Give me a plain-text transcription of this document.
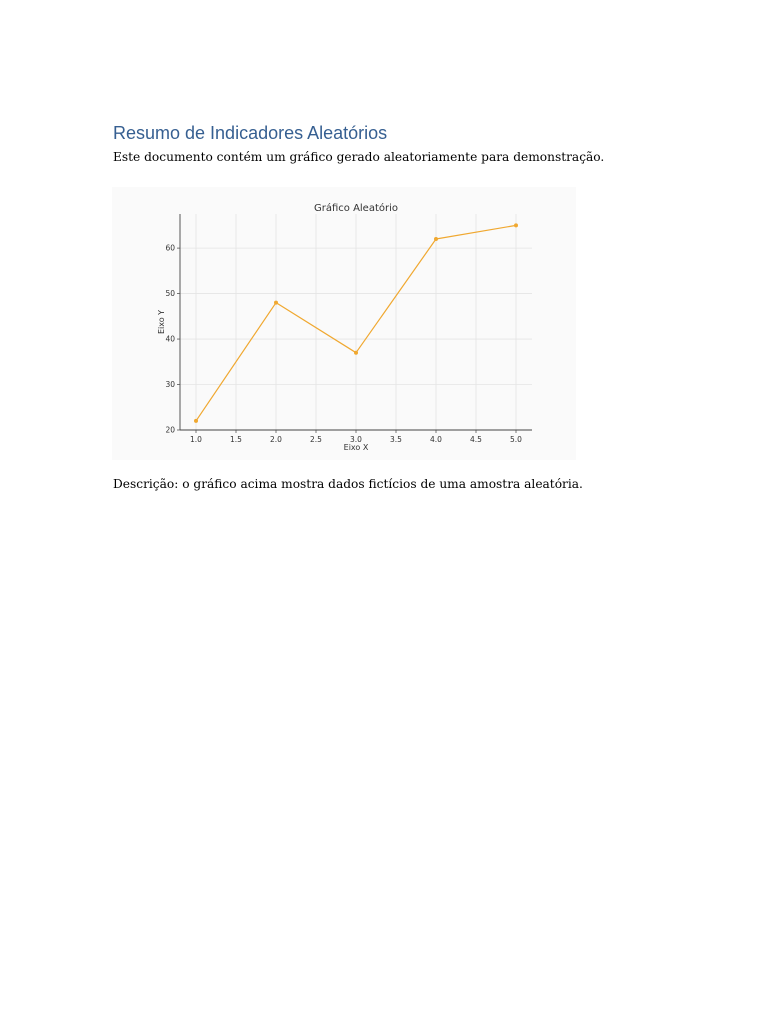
Resumo de Indicadores Aleatórios

Este documento contém um gráfico gerado aleatoriamente para demonstração.

Gráfico Aleatório
1.0	1.5	2.0	2.5	3.0	3.5	4.0	4.5	5.0
20
30
40
50
60
Eixo X
Eixo Y

Descrição: o gráfico acima mostra dados fictícios de uma amostra aleatória.
